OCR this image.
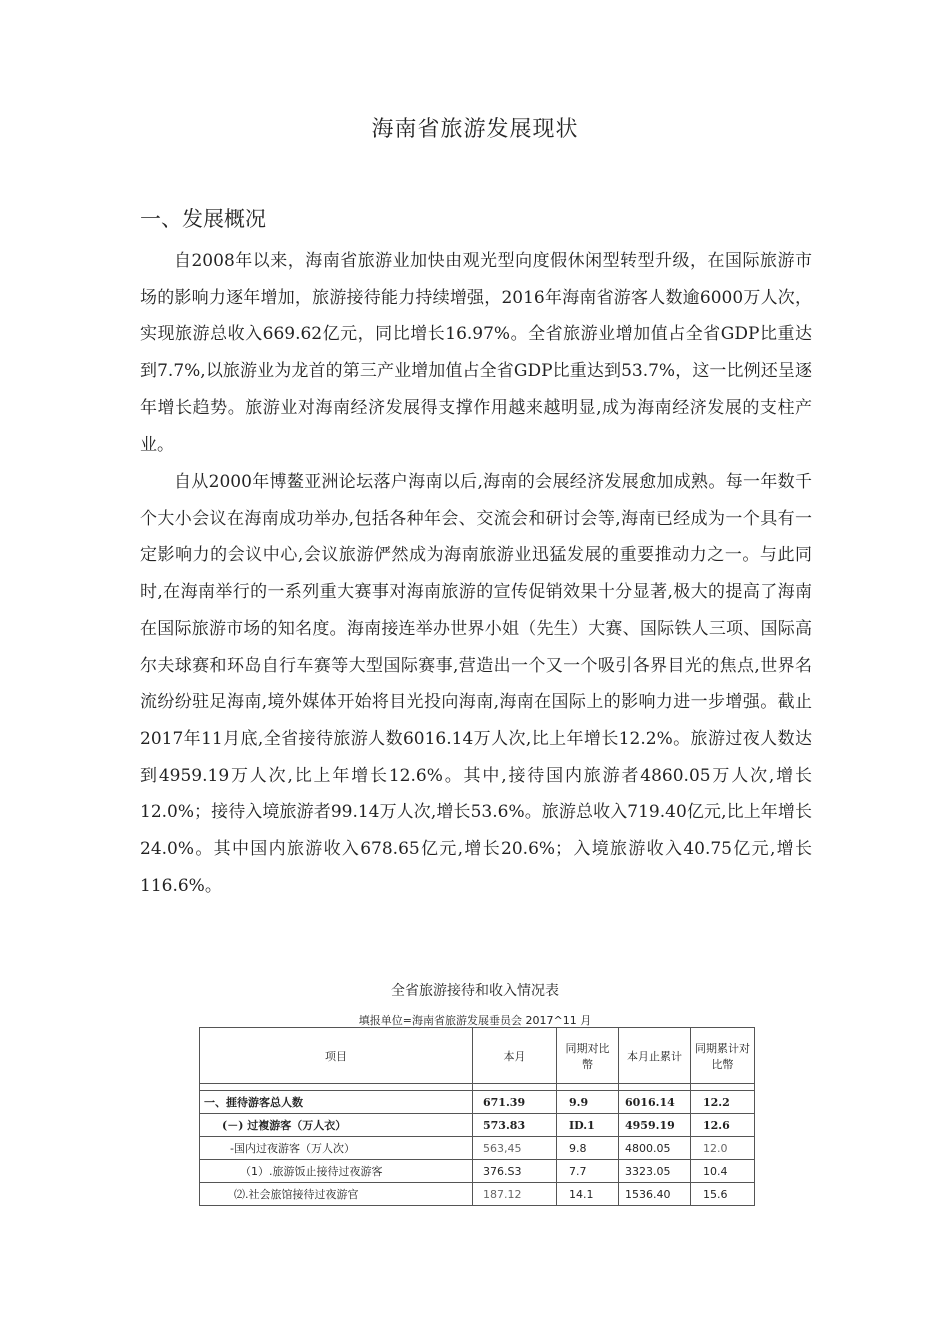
海南省旅游发展现状
一、发展概况

自2008年以来，海南省旅游业加快由观光型向度假休闲型转型升级，在国际旅游市场的影响力逐年增加，旅游接待能力持续增强，2016年海南省游客人数逾6000万人次，实现旅游总收入669.62亿元，同比增长16.97%。全省旅游业增加值占全省GDP比重达到7.7%,以旅游业为龙首的第三产业增加值占全省GDP比重达到53.7%，这一比例还呈逐年增长趋势。旅游业对海南经济发展得支撑作用越来越明显,成为海南经济发展的支柱产业。

自从2000年博鳌亚洲论坛落户海南以后,海南的会展经济发展愈加成熟。每一年数千个大小会议在海南成功举办,包括各种年会、交流会和研讨会等,海南已经成为一个具有一定影响力的会议中心,会议旅游俨然成为海南旅游业迅猛发展的重要推动力之一。与此同时,在海南举行的一系列重大赛事对海南旅游的宣传促销效果十分显著,极大的提高了海南在国际旅游市场的知名度。海南接连举办世界小姐（先生）大赛、国际铁人三项、国际高尔夫球赛和环岛自行车赛等大型国际赛事,营造出一个又一个吸引各界目光的焦点,世界名流纷纷驻足海南,境外媒体开始将目光投向海南,海南在国际上的影响力进一步增强。截止2017年11月底,全省接待旅游人数6016.14万人次,比上年增长12.2%。旅游过夜人数达到4959.19万人次,比上年增长12.6%。其中,接待国内旅游者4860.05万人次,增长12.0%；接待入境旅游者99.14万人次,增长53.6%。旅游总收入719.40亿元,比上年增长24.0%。其中国内旅游收入678.65亿元,增长20.6%；入境旅游收入40.75亿元,增长116.6%。

全省旅游接待和收入情况表
填报单位=海南省旅游发展垂员会 2017^11 月
项目	本月	同期对比幣	本月止累计	同期累计对比幣

一、捱待游客总人数	671.39	9.9	6016.14	12.2
(－) 过複游客（万人衣）	573.83	ID.1	4959.19	12.6
-国内过夜游客（万人次）	563,45	9.8	4800.05	12.0
（1）.旅游饭止接待过夜游客	376.S3	7.7	3323.05	10.4
⑵.社会旅馆接待过夜游官	187.12	14.1	1536.40	15.6
